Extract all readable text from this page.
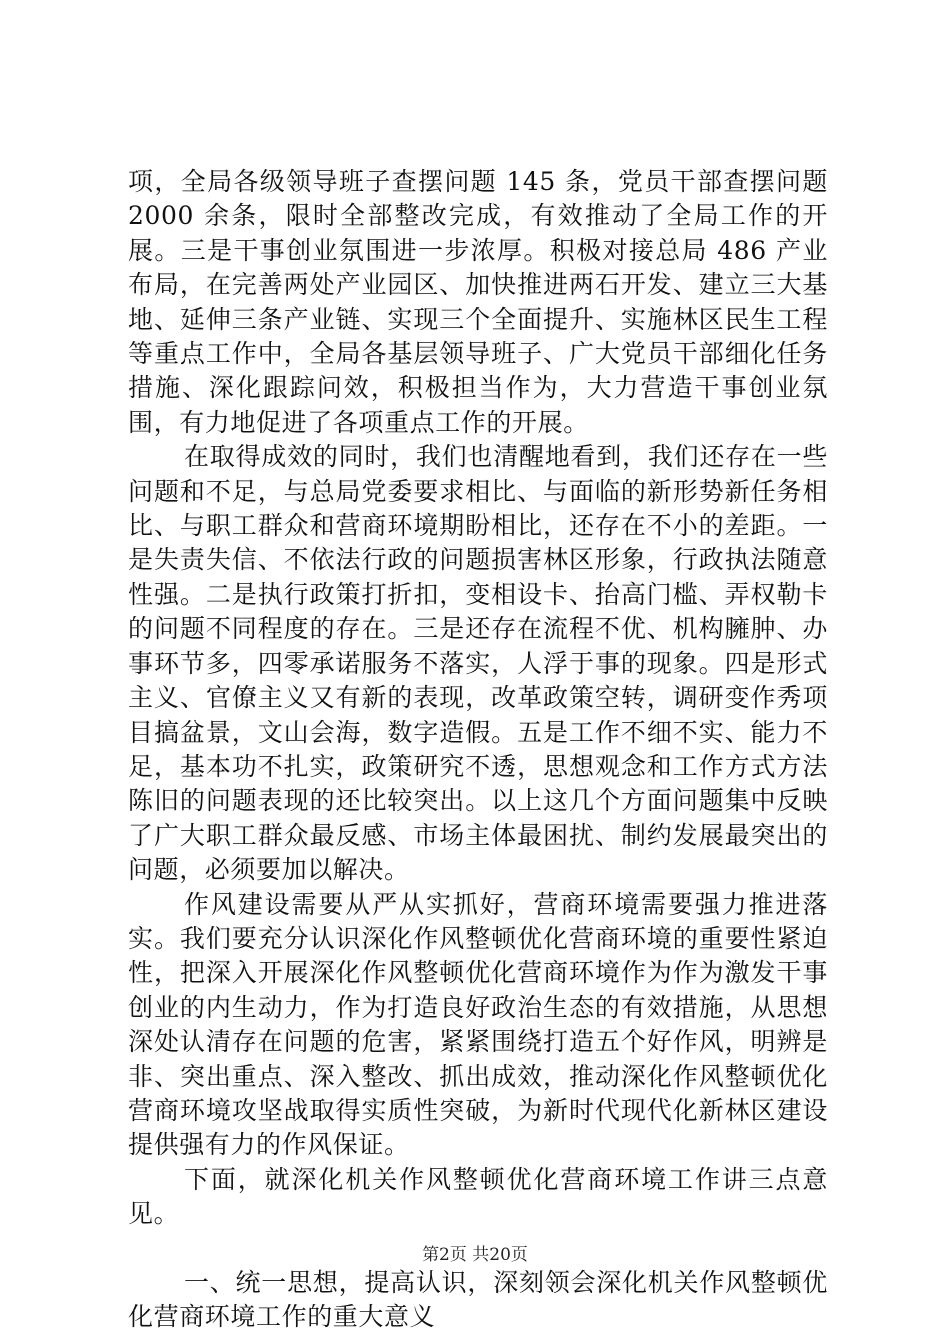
项，全局各级领导班子查摆问题 145 条，党员干部查摆问题 2000 余条，限时全部整改完成，有效推动了全局工作的开展。三是干事创业氛围进一步浓厚。积极对接总局 486 产业布局，在完善两处产业园区、加快推进两石开发、建立三大基地、延伸三条产业链、实现三个全面提升、实施林区民生工程等重点工作中，全局各基层领导班子、广大党员干部细化任务措施、深化跟踪问效，积极担当作为，大力营造干事创业氛围，有力地促进了各项重点工作的开展。

在取得成效的同时，我们也清醒地看到，我们还存在一些问题和不足，与总局党委要求相比、与面临的新形势新任务相比、与职工群众和营商环境期盼相比，还存在不小的差距。一是失责失信、不依法行政的问题损害林区形象，行政执法随意性强。二是执行政策打折扣，变相设卡、抬高门槛、弄权勒卡的问题不同程度的存在。三是还存在流程不优、机构臃肿、办事环节多，四零承诺服务不落实，人浮于事的现象。四是形式主义、官僚主义又有新的表现，改革政策空转，调研变作秀项目搞盆景，文山会海，数字造假。五是工作不细不实、能力不足，基本功不扎实，政策研究不透，思想观念和工作方式方法陈旧的问题表现的还比较突出。以上这几个方面问题集中反映了广大职工群众最反感、市场主体最困扰、制约发展最突出的问题，必须要加以解决。

作风建设需要从严从实抓好，营商环境需要强力推进落实。我们要充分认识深化作风整顿优化营商环境的重要性紧迫性，把深入开展深化作风整顿优化营商环境作为作为激发干事创业的内生动力，作为打造良好政治生态的有效措施，从思想深处认清存在问题的危害，紧紧围绕打造五个好作风，明辨是非、突出重点、深入整改、抓出成效，推动深化作风整顿优化营商环境攻坚战取得实质性突破，为新时代现代化新林区建设提供强有力的作风保证。

下面，就深化机关作风整顿优化营商环境工作讲三点意见。

一、统一思想，提高认识，深刻领会深化机关作风整顿优化营商环境工作的重大意义

第2页 共20页
